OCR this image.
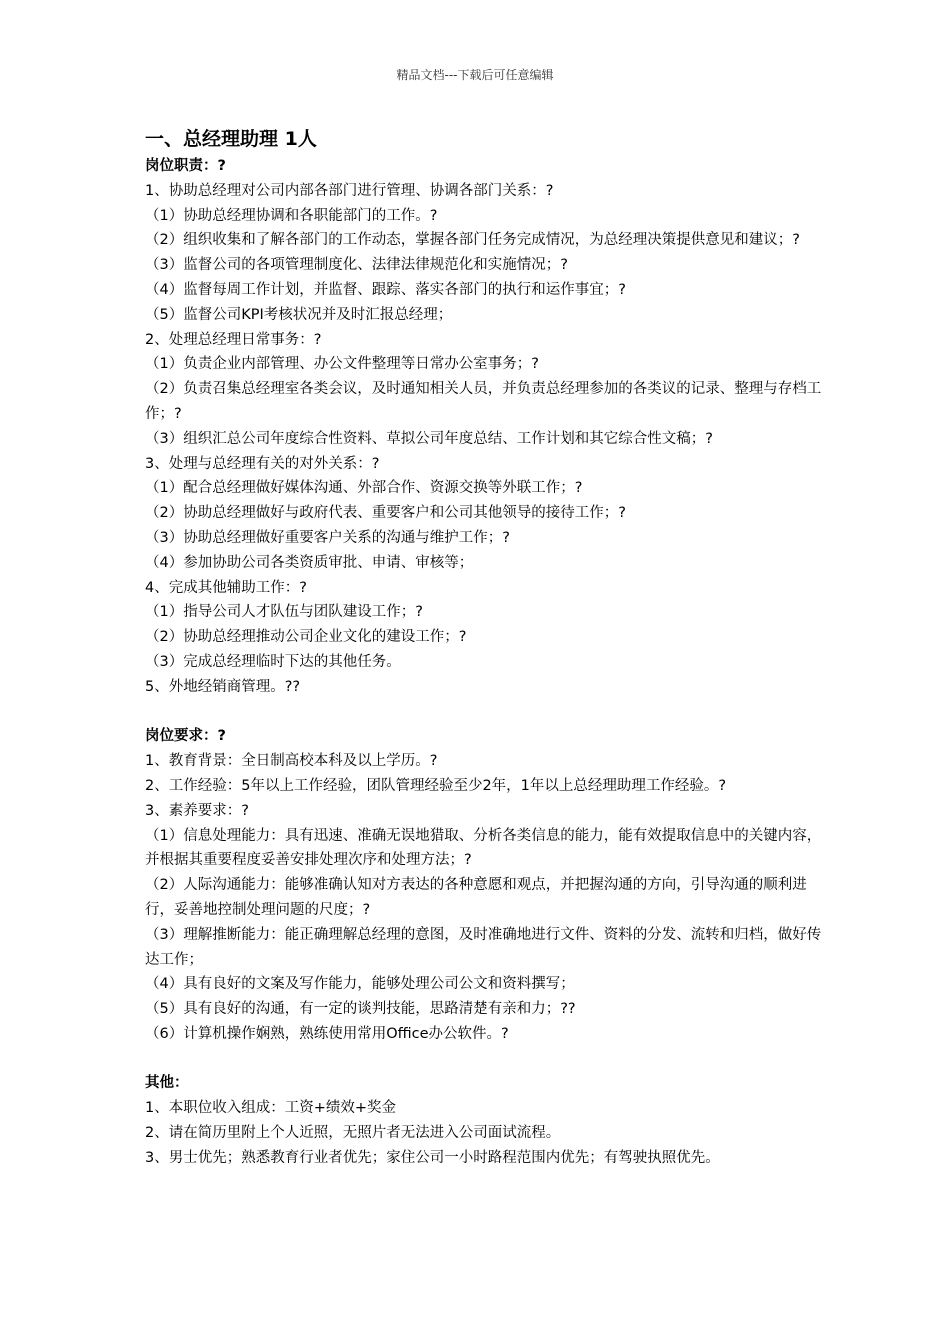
精品文档---下载后可任意编辑
一、总经理助理 1人
岗位职责：?
1、协助总经理对公司内部各部门进行管理、协调各部门关系：?
（1）协助总经理协调和各职能部门的工作。?
（2）组织收集和了解各部门的工作动态，掌握各部门任务完成情况，为总经理决策提供意见和建议；?
（3）监督公司的各项管理制度化、法律法律规范化和实施情况；?
（4）监督每周工作计划，并监督、跟踪、落实各部门的执行和运作事宜；?
（5）监督公司KPI考核状况并及时汇报总经理；
2、处理总经理日常事务：?
（1）负责企业内部管理、办公文件整理等日常办公室事务；?
（2）负责召集总经理室各类会议，及时通知相关人员，并负责总经理参加的各类议的记录、整理与存档工作；?
（3）组织汇总公司年度综合性资料、草拟公司年度总结、工作计划和其它综合性文稿；?
3、处理与总经理有关的对外关系：?
（1）配合总经理做好媒体沟通、外部合作、资源交换等外联工作；?
（2）协助总经理做好与政府代表、重要客户和公司其他领导的接待工作；?
（3）协助总经理做好重要客户关系的沟通与维护工作；?
（4）参加协助公司各类资质审批、申请、审核等；
4、完成其他辅助工作：?
（1）指导公司人才队伍与团队建设工作；?
（2）协助总经理推动公司企业文化的建设工作；?
（3）完成总经理临时下达的其他任务。
5、外地经销商管理。??
岗位要求：?
1、教育背景：全日制高校本科及以上学历。?
2、工作经验：5年以上工作经验，团队管理经验至少2年，1年以上总经理助理工作经验。?
3、素养要求：?
（1）信息处理能力：具有迅速、准确无误地猎取、分析各类信息的能力，能有效提取信息中的关键内容，并根据其重要程度妥善安排处理次序和处理方法；?
（2）人际沟通能力：能够准确认知对方表达的各种意愿和观点，并把握沟通的方向，引导沟通的顺利进行，妥善地控制处理问题的尺度；?
（3）理解推断能力：能正确理解总经理的意图，及时准确地进行文件、资料的分发、流转和归档，做好传达工作；
（4）具有良好的文案及写作能力，能够处理公司公文和资料撰写；
（5）具有良好的沟通，有一定的谈判技能，思路清楚有亲和力；??
（6）计算机操作娴熟，熟练使用常用Office办公软件。?
其他：
1、本职位收入组成：工资+绩效+奖金
2、请在简历里附上个人近照，无照片者无法进入公司面试流程。
3、男士优先；熟悉教育行业者优先；家住公司一小时路程范围内优先；有驾驶执照优先。
